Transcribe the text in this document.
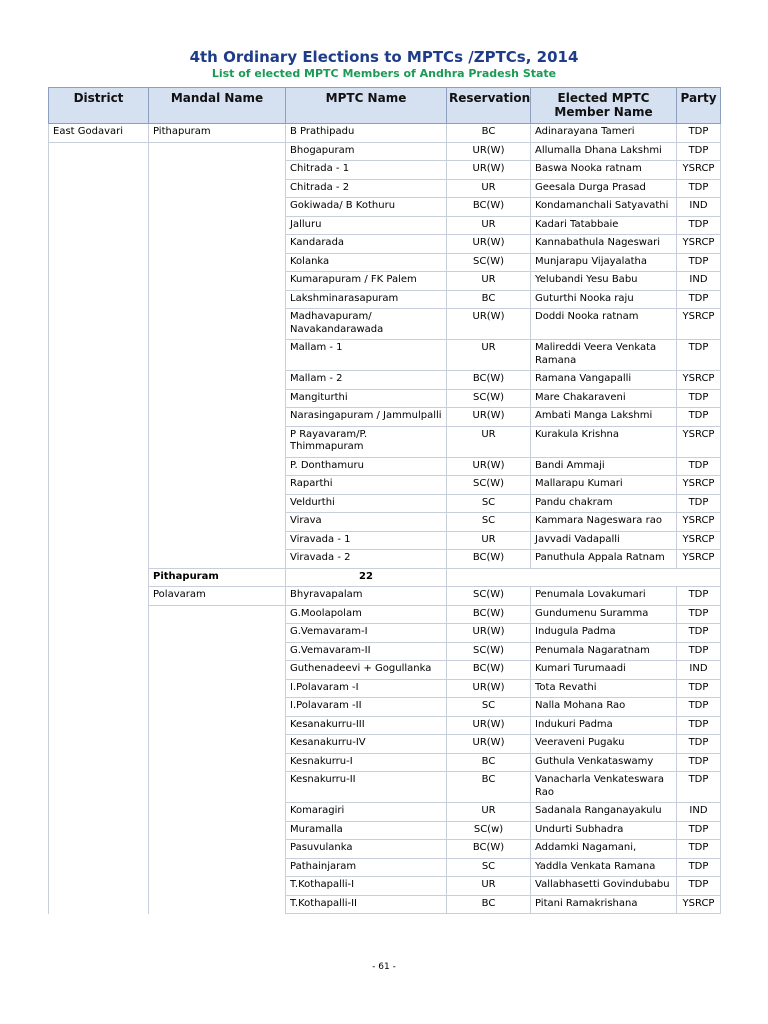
4th Ordinary Elections to MPTCs /ZPTCs, 2014
List of elected MPTC Members of Andhra Pradesh State
District	Mandal Name	MPTC Name	Reservation	Elected MPTC Member Name	Party
East Godavari	Pithapuram	B Prathipadu	BC	Adinarayana Tameri	TDP
		Bhogapuram	UR(W)	Allumalla Dhana Lakshmi	TDP
		Chitrada - 1	UR(W)	Baswa Nooka ratnam	YSRCP
		Chitrada - 2	UR	Geesala Durga Prasad	TDP
		Gokiwada/ B Kothuru	BC(W)	Kondamanchali Satyavathi	IND
		Jalluru	UR	Kadari Tatabbaie	TDP
		Kandarada	UR(W)	Kannabathula Nageswari	YSRCP
		Kolanka	SC(W)	Munjarapu Vijayalatha	TDP
		Kumarapuram / FK Palem	UR	Yelubandi Yesu Babu	IND
		Lakshminarasapuram	BC	Guturthi Nooka raju	TDP
		Madhavapuram/ Navakandarawada	UR(W)	Doddi Nooka ratnam	YSRCP
		Mallam - 1	UR	Malireddi Veera Venkata Ramana	TDP
		Mallam - 2	BC(W)	Ramana Vangapalli	YSRCP
		Mangiturthi	SC(W)	Mare Chakaraveni	TDP
		Narasingapuram / Jammulpalli	UR(W)	Ambati Manga Lakshmi	TDP
		P Rayavaram/P. Thimmapuram	UR	Kurakula Krishna	YSRCP
		P. Donthamuru	UR(W)	Bandi Ammaji	TDP
		Raparthi	SC(W)	Mallarapu Kumari	YSRCP
		Veldurthi	SC	Pandu chakram	TDP
		Virava	SC	Kammara Nageswara rao	YSRCP
		Viravada - 1	UR	Javvadi Vadapalli	YSRCP
		Viravada - 2	BC(W)	Panuthula Appala Ratnam	YSRCP
	Pithapuram	22			
	Polavaram	Bhyravapalam	SC(W)	Penumala Lovakumari	TDP
		G.Moolapolam	BC(W)	Gundumenu Suramma	TDP
		G.Vemavaram-I	UR(W)	Indugula Padma	TDP
		G.Vemavaram-II	SC(W)	Penumala Nagaratnam	TDP
		Guthenadeevi + Gogullanka	BC(W)	Kumari Turumaadi	IND
		I.Polavaram -I	UR(W)	Tota Revathi	TDP
		I.Polavaram -II	SC	Nalla Mohana Rao	TDP
		Kesanakurru-III	UR(W)	Indukuri Padma	TDP
		Kesanakurru-IV	UR(W)	Veeraveni Pugaku	TDP
		Kesnakurru-I	BC	Guthula Venkataswamy	TDP
		Kesnakurru-II	BC	Vanacharla Venkateswara Rao	TDP
		Komaragiri	UR	Sadanala Ranganayakulu	IND
		Muramalla	SC(w)	Undurti Subhadra	TDP
		Pasuvulanka	BC(W)	Addamki Nagamani,	TDP
		Pathainjaram	SC	Yaddla Venkata Ramana	TDP
		T.Kothapalli-I	UR	Vallabhasetti Govindubabu	TDP
		T.Kothapalli-II	BC	Pitani Ramakrishana	YSRCP
- 61 -
